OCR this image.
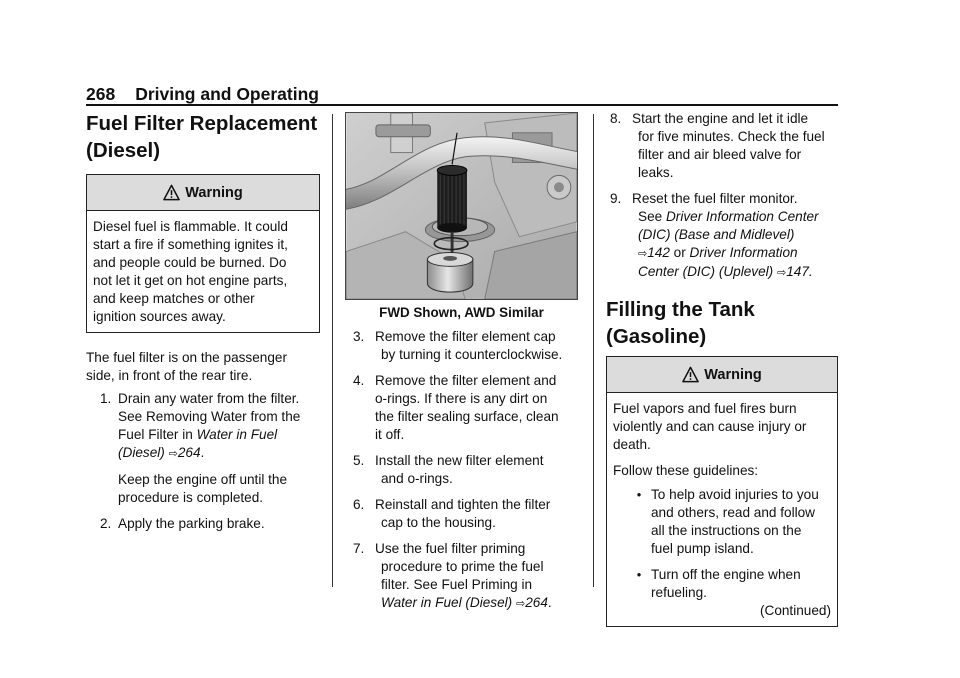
268 Driving and Operating
Fuel Filter Replacement
(Diesel)
Warning

Diesel fuel is flammable. It could

start a fire if something ignites it,

and people could be burned. Do

not let it get on hot engine parts,

and keep matches or other

ignition sources away.

The fuel filter is on the passenger
side, in front of the rear tire.

1. Drain any water from the filter.
See Removing Water from the
Fuel Filter in Water in Fuel
(Diesel) ⇨264.

Keep the engine off until the
procedure is completed.

2. Apply the parking brake.
FWD Shown, AWD Similar
3. Remove the filter element cap
by turning it counterclockwise.
4. Remove the filter element and
o-rings. If there is any dirt on
the filter sealing surface, clean
it off.
5. Install the new filter element
and o-rings.
6. Reinstall and tighten the filter
cap to the housing.
7. Use the fuel filter priming
procedure to prime the fuel
filter. See Fuel Priming in
Water in Fuel (Diesel) ⇨264.
8. Start the engine and let it idle
for five minutes. Check the fuel
filter and air bleed valve for
leaks.
9. Reset the fuel filter monitor.
See Driver Information Center
(DIC) (Base and Midlevel)
⇨142 or Driver Information
Center (DIC) (Uplevel) ⇨147.
Filling the Tank
(Gasoline)
Warning

Fuel vapors and fuel fires burn

violently and can cause injury or

death.

Follow these guidelines:

● To help avoid injuries to you
and others, read and follow
all the instructions on the
fuel pump island.
● Turn off the engine when
refueling.
(Continued)
